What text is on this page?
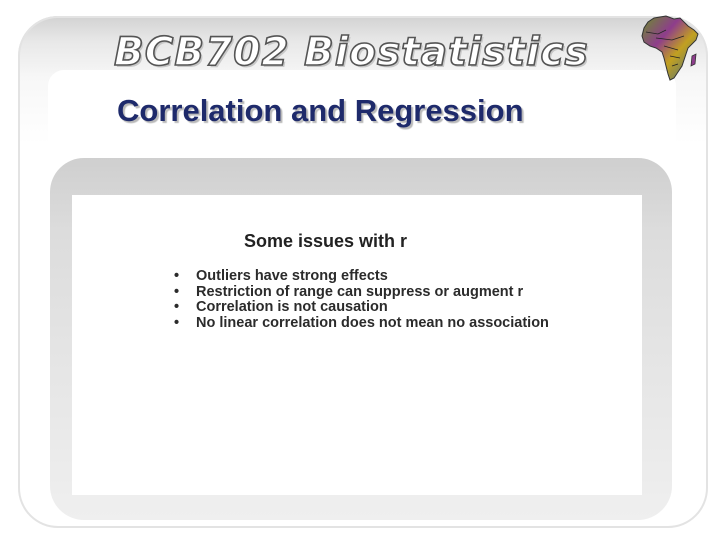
BCB702 Biostatistics
Correlation and Regression
Some issues with r
• Outliers have strong effects
• Restriction of range can suppress or augment r
• Correlation is not causation
• No linear correlation does not mean no association
